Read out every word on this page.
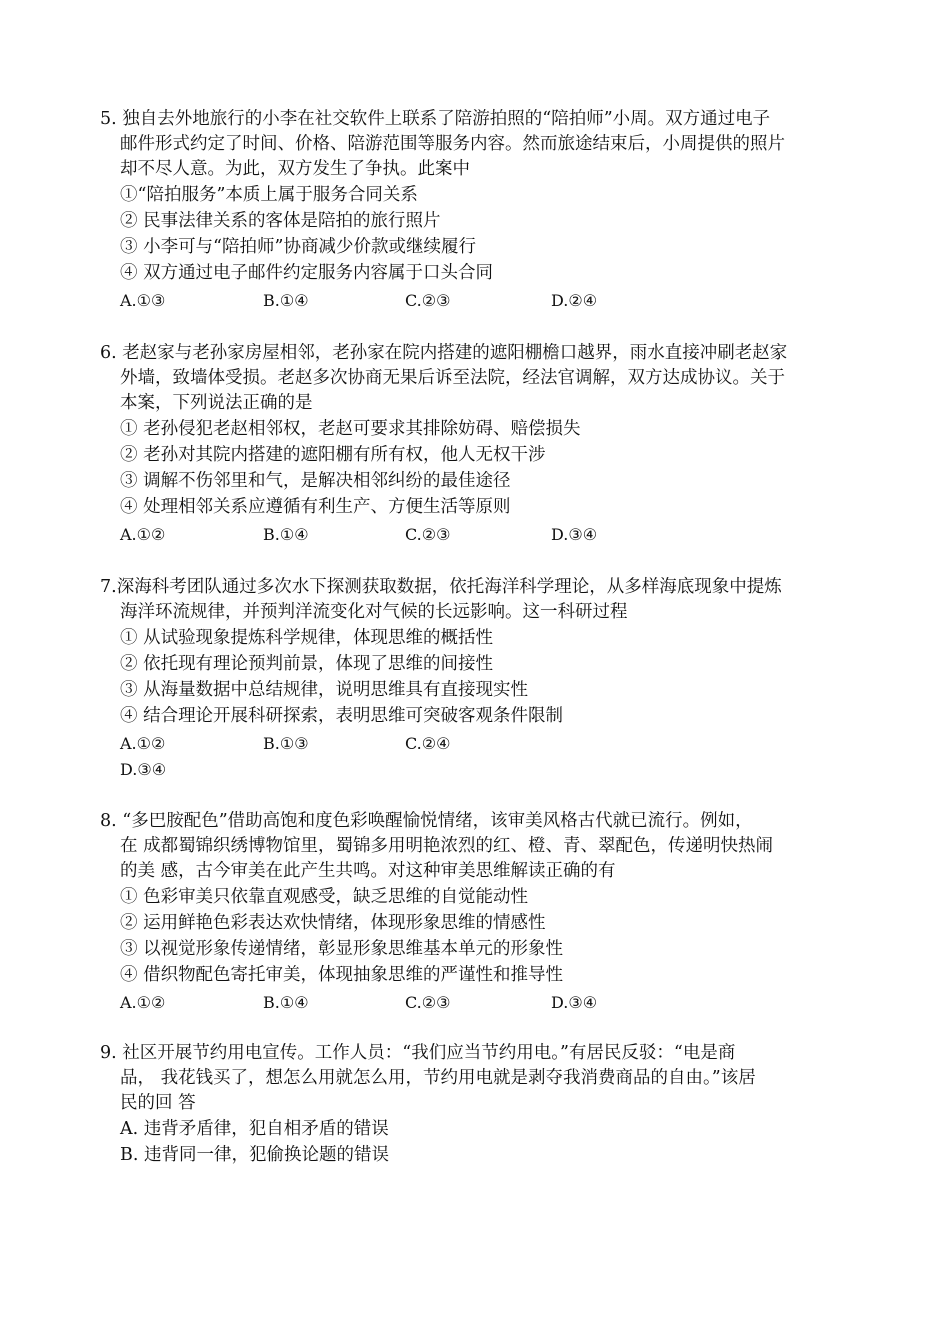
5. 独自去外地旅行的小李在社交软件上联系了陪游拍照的“陪拍师”小周。双方通过电子
邮件形式约定了时间、价格、陪游范围等服务内容。然而旅途结束后，小周提供的照片
却不尽人意。为此，双方发生了争执。此案中
①“陪拍服务”本质上属于服务合同关系
② 民事法律关系的客体是陪拍的旅行照片
③ 小李可与“陪拍师”协商减少价款或继续履行
④ 双方通过电子邮件约定服务内容属于口头合同
A.①③	B.①④	C.②③	D.②④
6. 老赵家与老孙家房屋相邻，老孙家在院内搭建的遮阳棚檐口越界，雨水直接冲刷老赵家
外墙，致墙体受损。老赵多次协商无果后诉至法院，经法官调解，双方达成协议。关于
本案，下列说法正确的是
① 老孙侵犯老赵相邻权，老赵可要求其排除妨碍、赔偿损失
② 老孙对其院内搭建的遮阳棚有所有权，他人无权干涉
③ 调解不伤邻里和气，是解决相邻纠纷的最佳途径
④ 处理相邻关系应遵循有利生产、方便生活等原则
A.①②	B.①④	C.②③	D.③④
7.深海科考团队通过多次水下探测获取数据，依托海洋科学理论，从多样海底现象中提炼
海洋环流规律，并预判洋流变化对气候的长远影响。这一科研过程
① 从试验现象提炼科学规律，体现思维的概括性
② 依托现有理论预判前景，体现了思维的间接性
③ 从海量数据中总结规律，说明思维具有直接现实性
④ 结合理论开展科研探索，表明思维可突破客观条件限制
A.①②	B.①③	C.②④
D.③④
8. “多巴胺配色”借助高饱和度色彩唤醒愉悦情绪，该审美风格古代就已流行。例如，
在 成都蜀锦织绣博物馆里，蜀锦多用明艳浓烈的红、橙、青、翠配色，传递明快热闹
的美 感，古今审美在此产生共鸣。对这种审美思维解读正确的有
① 色彩审美只依靠直观感受，缺乏思维的自觉能动性
② 运用鲜艳色彩表达欢快情绪，体现形象思维的情感性
③ 以视觉形象传递情绪，彰显形象思维基本单元的形象性
④ 借织物配色寄托审美，体现抽象思维的严谨性和推导性
A.①②	B.①④	C.②③	D.③④
9. 社区开展节约用电宣传。工作人员：“我们应当节约用电。”有居民反驳：“电是商
品， 我花钱买了，想怎么用就怎么用，节约用电就是剥夺我消费商品的自由。”该居
民的回 答
A. 违背矛盾律，犯自相矛盾的错误
B. 违背同一律，犯偷换论题的错误
